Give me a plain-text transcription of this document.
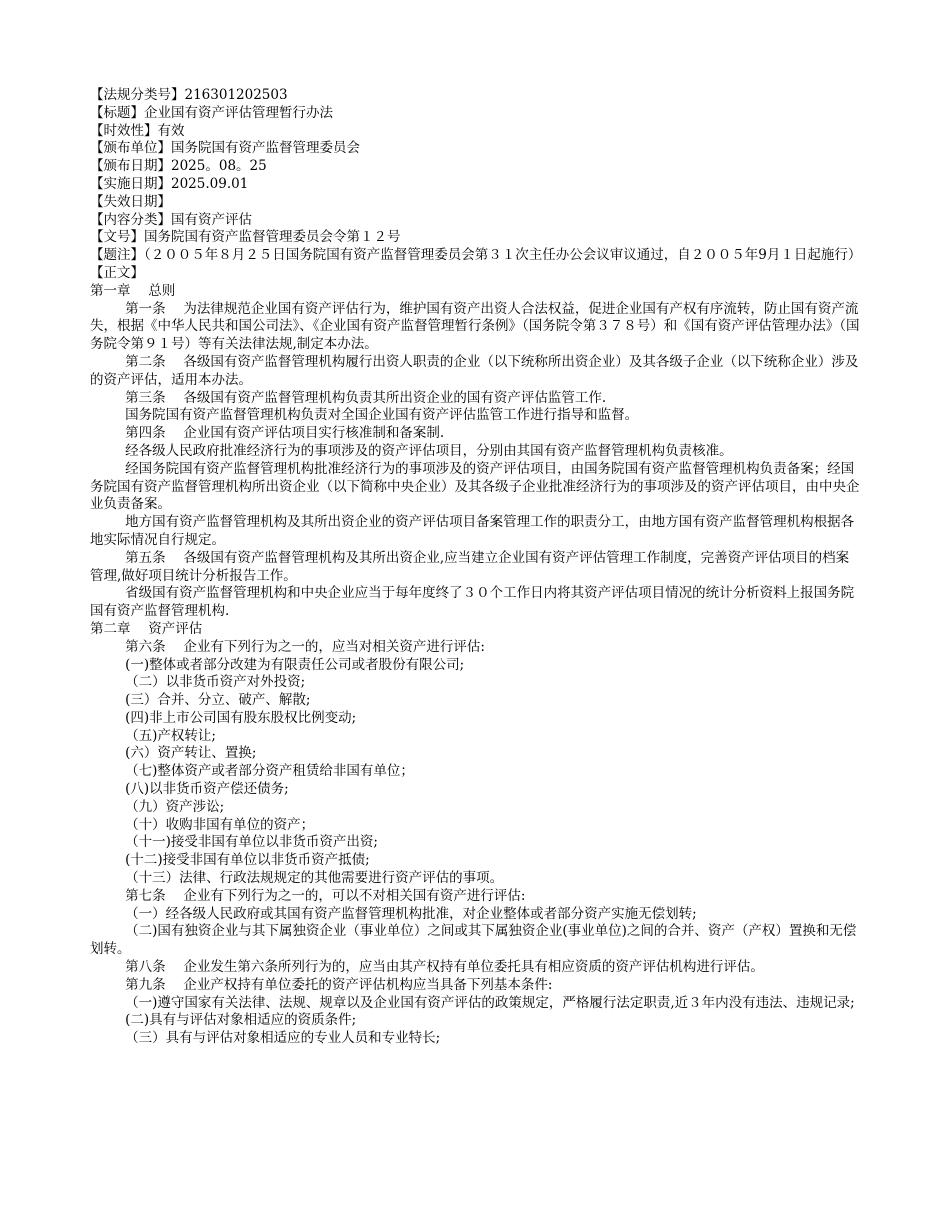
【法规分类号】216301202503

【标题】企业国有资产评估管理暂行办法

【时效性】有效

【颁布单位】国务院国有资产监督管理委员会

【颁布日期】2025。08。25

【实施日期】2025.09.01

【失效日期】

【内容分类】国有资产评估

【文号】国务院国有资产监督管理委员会令第１２号

【题注】（２００５年８月２５日国务院国有资产监督管理委员会第３１次主任办公会议审议通过，自２００５年9月１日起施行）

【正文】

第一章　 总则

第一条　 为法律规范企业国有资产评估行为，维护国有资产出资人合法权益，促进企业国有产权有序流转，防止国有资产流失，根据《中华人民共和国公司法》、《企业国有资产监督管理暂行条例》（国务院令第３７８号）和《国有资产评估管理办法》（国务院令第９１号）等有关法律法规,制定本办法。

第二条　 各级国有资产监督管理机构履行出资人职责的企业（以下统称所出资企业）及其各级子企业（以下统称企业）涉及的资产评估，适用本办法。

第三条　 各级国有资产监督管理机构负责其所出资企业的国有资产评估监管工作.

国务院国有资产监督管理机构负责对全国企业国有资产评估监管工作进行指导和监督。

第四条　 企业国有资产评估项目实行核准制和备案制.

经各级人民政府批准经济行为的事项涉及的资产评估项目，分别由其国有资产监督管理机构负责核准。

经国务院国有资产监督管理机构批准经济行为的事项涉及的资产评估项目，由国务院国有资产监督管理机构负责备案；经国务院国有资产监督管理机构所出资企业（以下简称中央企业）及其各级子企业批准经济行为的事项涉及的资产评估项目，由中央企业负责备案。

地方国有资产监督管理机构及其所出资企业的资产评估项目备案管理工作的职责分工，由地方国有资产监督管理机构根据各地实际情况自行规定。

第五条　 各级国有资产监督管理机构及其所出资企业,应当建立企业国有资产评估管理工作制度，完善资产评估项目的档案管理,做好项目统计分析报告工作。

省级国有资产监督管理机构和中央企业应当于每年度终了３０个工作日内将其资产评估项目情况的统计分析资料上报国务院国有资产监督管理机构.

第二章　 资产评估

第六条　 企业有下列行为之一的，应当对相关资产进行评估:

(一)整体或者部分改建为有限责任公司或者股份有限公司;

（二）以非货币资产对外投资;

(三）合并、分立、破产、解散;

(四)非上市公司国有股东股权比例变动;

（五)产权转让;

(六）资产转让、置换;

（七)整体资产或者部分资产租赁给非国有单位；

(八)以非货币资产偿还债务;

（九）资产涉讼;

（十）收购非国有单位的资产；

（十一)接受非国有单位以非货币资产出资;

(十二)接受非国有单位以非货币资产抵债;

（十三）法律、行政法规规定的其他需要进行资产评估的事项。

第七条　 企业有下列行为之一的，可以不对相关国有资产进行评估:

（一）经各级人民政府或其国有资产监督管理机构批准，对企业整体或者部分资产实施无偿划转;

（二)国有独资企业与其下属独资企业（事业单位）之间或其下属独资企业(事业单位)之间的合并、资产（产权）置换和无偿划转。

第八条　 企业发生第六条所列行为的，应当由其产权持有单位委托具有相应资质的资产评估机构进行评估。

第九条　 企业产权持有单位委托的资产评估机构应当具备下列基本条件:

（一)遵守国家有关法律、法规、规章以及企业国有资产评估的政策规定，严格履行法定职责,近３年内没有违法、违规记录;

(二)具有与评估对象相适应的资质条件;

（三）具有与评估对象相适应的专业人员和专业特长;
